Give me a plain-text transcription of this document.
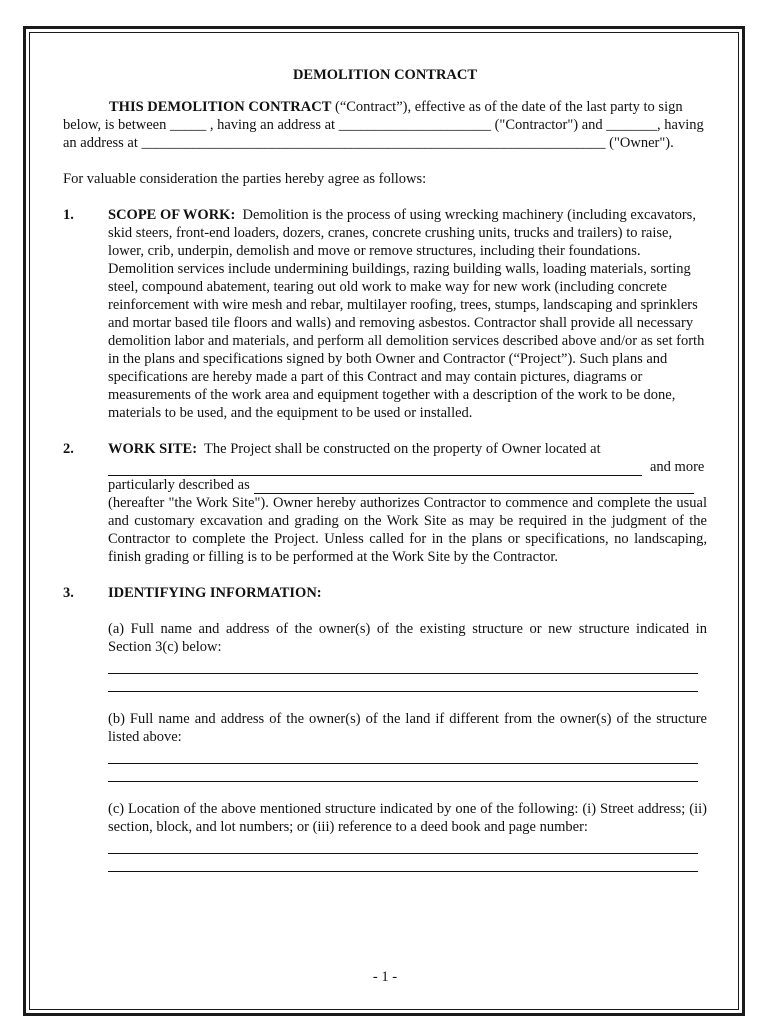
DEMOLITION CONTRACT

THIS DEMOLITION CONTRACT (“Contract”), effective as of the date of the last party to sign below, is between _____ , having an address at _____________________ ("Contractor") and _______, having an address at ________________________________________________________________ ("Owner").

For valuable consideration the parties hereby agree as follows:

1. SCOPE OF WORK: Demolition is the process of using wrecking machinery (including excavators, skid steers, front-end loaders, dozers, cranes, concrete crushing units, trucks and trailers) to raise, lower, crib, underpin, demolish and move or remove structures, including their foundations. Demolition services include undermining buildings, razing building walls, loading materials, sorting steel, compound abatement, tearing out old work to make way for new work (including concrete reinforcement with wire mesh and rebar, multilayer roofing, trees, stumps, landscaping and sprinklers and mortar based tile floors and walls) and removing asbestos. Contractor shall provide all necessary demolition labor and materials, and perform all demolition services described above and/or as set forth in the plans and specifications signed by both Owner and Contractor (“Project”). Such plans and specifications are hereby made a part of this Contract and may contain pictures, diagrams or measurements of the work area and equipment together with a description of the work to be done, materials to be used, and the equipment to be used or installed.

2. WORK SITE: The Project shall be constructed on the property of Owner located at

and more
particularly described as

(hereafter "the Work Site"). Owner hereby authorizes Contractor to commence and complete the usual and customary excavation and grading on the Work Site as may be required in the judgment of the Contractor to complete the Project. Unless called for in the plans or specifications, no landscaping, finish grading or filling is to be performed at the Work Site by the Contractor.

3. IDENTIFYING INFORMATION:

(a) Full name and address of the owner(s) of the existing structure or new structure indicated in Section 3(c) below:

(b) Full name and address of the owner(s) of the land if different from the owner(s) of the structure listed above:

(c) Location of the above mentioned structure indicated by one of the following: (i) Street address; (ii) section, block, and lot numbers; or (iii) reference to a deed book and page number:

- 1 -
